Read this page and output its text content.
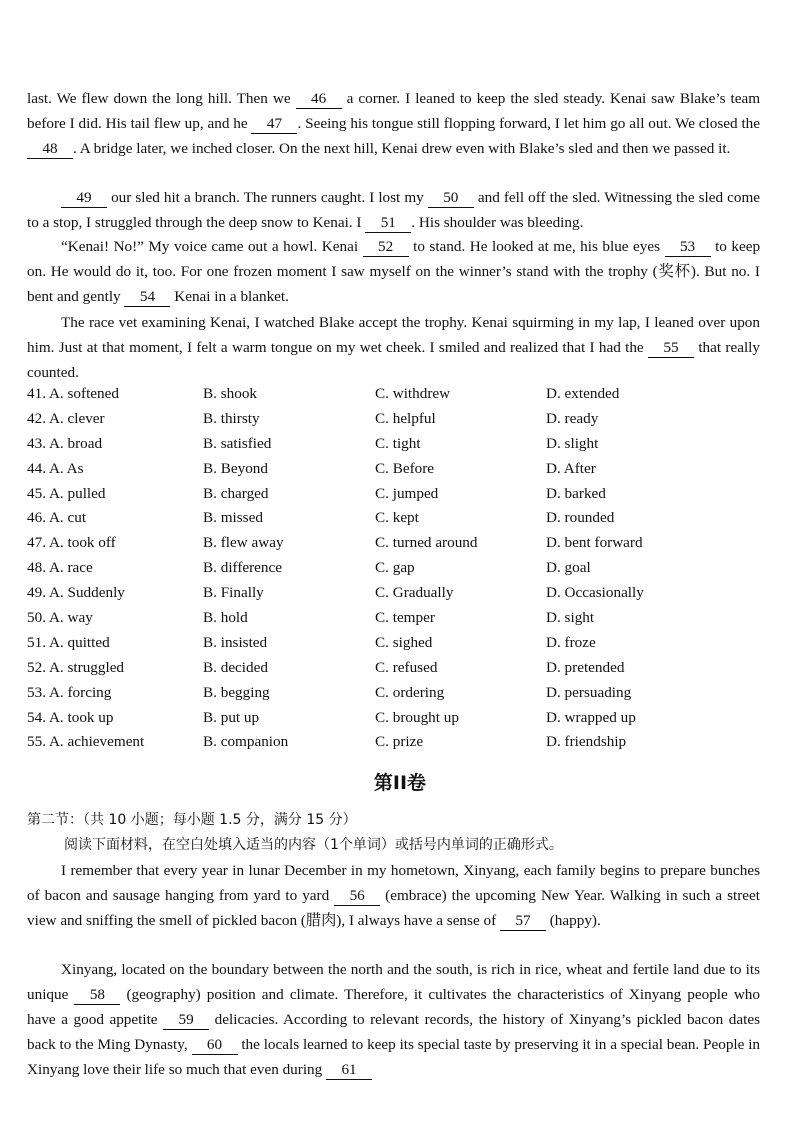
last. We flew down the long hill. Then we 46 a corner. I leaned to keep the sled steady. Kenai saw Blake’s team before I did. His tail flew up, and he 47 . Seeing his tongue still flopping forward, I let him go all out. We closed the 48 . A bridge later, we inched closer. On the next hill, Kenai drew even with Blake’s sled and then we passed it.
49 our sled hit a branch. The runners caught. I lost my 50 and fell off the sled. Witnessing the sled come to a stop, I struggled through the deep snow to Kenai. I 51 . His shoulder was bleeding.
“Kenai! No!” My voice came out a howl. Kenai 52 to stand. He looked at me, his blue eyes 53 to keep on. He would do it, too. For one frozen moment I saw myself on the winner’s stand with the trophy (奖杯). But no. I bent and gently 54 Kenai in a blanket.
The race vet examining Kenai, I watched Blake accept the trophy. Kenai squirming in my lap, I leaned over upon him. Just at that moment, I felt a warm tongue on my wet cheek. I smiled and realized that I had the 55 that really counted.
41. A. softened	B. shook	C. withdrew	D. extended
42. A. clever	B. thirsty	C. helpful	D. ready
43. A. broad	B. satisfied	C. tight	D. slight
44. A. As	B. Beyond	C. Before	D. After
45. A. pulled	B. charged	C. jumped	D. barked
46. A. cut	B. missed	C. kept	D. rounded
47. A. took off	B. flew away	C. turned around	D. bent forward
48. A. race	B. difference	C. gap	D. goal
49. A. Suddenly	B. Finally	C. Gradually	D. Occasionally
50. A. way	B. hold	C. temper	D. sight
51. A. quitted	B. insisted	C. sighed	D. froze
52. A. struggled	B. decided	C. refused	D. pretended
53. A. forcing	B. begging	C. ordering	D. persuading
54. A. took up	B. put up	C. brought up	D. wrapped up
55. A. achievement	B. companion	C. prize	D. friendship
第II卷
第二节：（共 10 小题；每小题 1.5 分，满分 15 分）
阅读下面材料，在空白处填入适当的内容（1个单词）或括号内单词的正确形式。
I remember that every year in lunar December in my hometown, Xinyang, each family begins to prepare bunches of bacon and sausage hanging from yard to yard 56 (embrace) the upcoming New Year. Walking in such a street view and sniffing the smell of pickled bacon (腊肉), I always have a sense of 57 (happy).
Xinyang, located on the boundary between the north and the south, is rich in rice, wheat and fertile land due to its unique 58 (geography) position and climate. Therefore, it cultivates the characteristics of Xinyang people who have a good appetite 59 delicacies. According to relevant records, the history of Xinyang’s pickled bacon dates back to the Ming Dynasty, 60 the locals learned to keep its special taste by preserving it in a special bean. People in Xinyang love their life so much that even during 61
